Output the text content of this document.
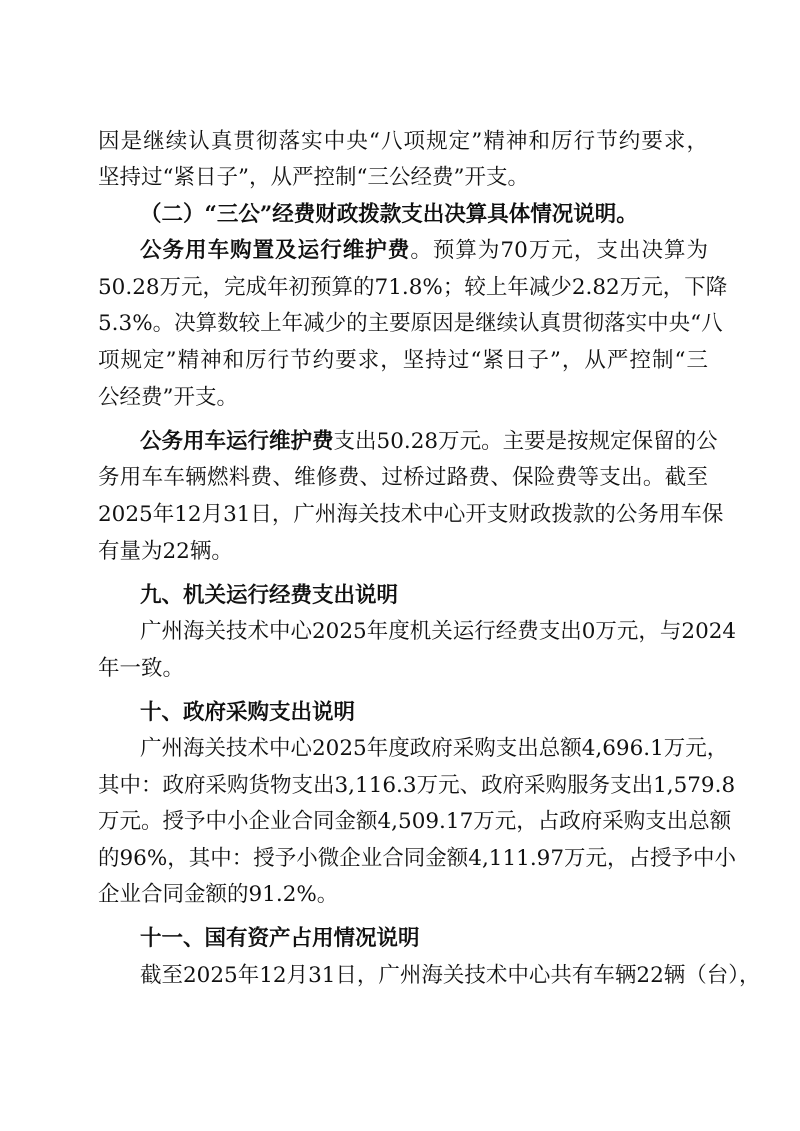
因是继续认真贯彻落实中央“八项规定”精神和厉行节约要求，
坚持过“紧日子”，从严控制“三公经费”开支。
（二）“三公”经费财政拨款支出决算具体情况说明。
公务用车购置及运行维护费。预算为70万元，支出决算为
50.28万元，完成年初预算的71.8%；较上年减少2.82万元，下降
5.3%。决算数较上年减少的主要原因是继续认真贯彻落实中央“八
项规定”精神和厉行节约要求，坚持过“紧日子”，从严控制“三
公经费”开支。
公务用车运行维护费支出50.28万元。主要是按规定保留的公
务用车车辆燃料费、维修费、过桥过路费、保险费等支出。截至
2025年12月31日，广州海关技术中心开支财政拨款的公务用车保
有量为22辆。
九、机关运行经费支出说明
广州海关技术中心2025年度机关运行经费支出0万元，与2024
年一致。
十、政府采购支出说明
广州海关技术中心2025年度政府采购支出总额4,696.1万元，
其中：政府采购货物支出3,116.3万元、政府采购服务支出1,579.8
万元。授予中小企业合同金额4,509.17万元，占政府采购支出总额
的96%，其中：授予小微企业合同金额4,111.97万元，占授予中小
企业合同金额的91.2%。
十一、国有资产占用情况说明
截至2025年12月31日，广州海关技术中心共有车辆22辆（台），
